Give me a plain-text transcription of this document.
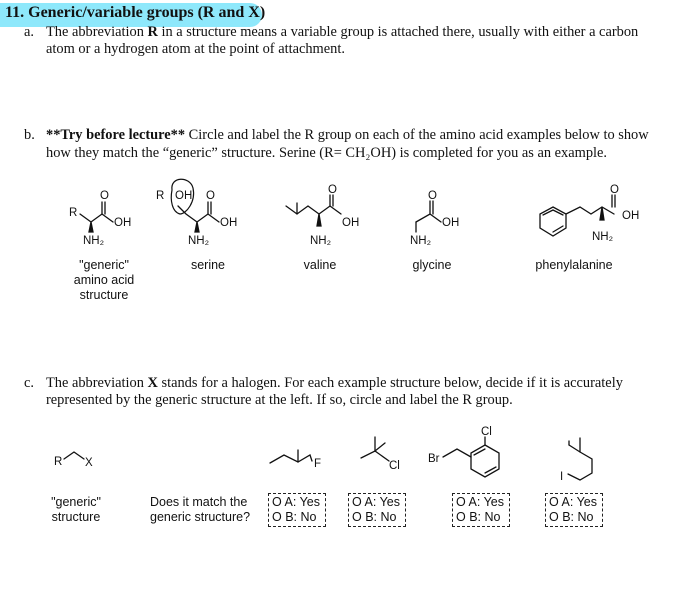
11. Generic/variable groups (R and X)
a. The abbreviation R in a structure means a variable group is attached there, usually with either a carbon
atom or a hydrogen atom at the point of attachment.
b. **Try before lecture** Circle and label the R group on each of the amino acid examples below to show
how they match the “generic” structure. Serine (R= CH₂OH) is completed for you as an example.
R
O
OH
NH₂
R OH O
OH
NH₂
O
OH
NH₂
O
OH
NH₂
O
OH
NH₂
R X	F	Cl
Br
Cl
I
"generic"
amino acid
structure
serine	valine	glycine	phenylalanine
c. The abbreviation X stands for a halogen. For each example structure below, decide if it is accurately
represented by the generic structure at the left. If so, circle and label the R group.
"generic"
structure
Does it match the
generic structure?
O A: Yes
O B: No
O A: Yes
O B: No
O A: Yes
O B: No
O A: Yes
O B: No
